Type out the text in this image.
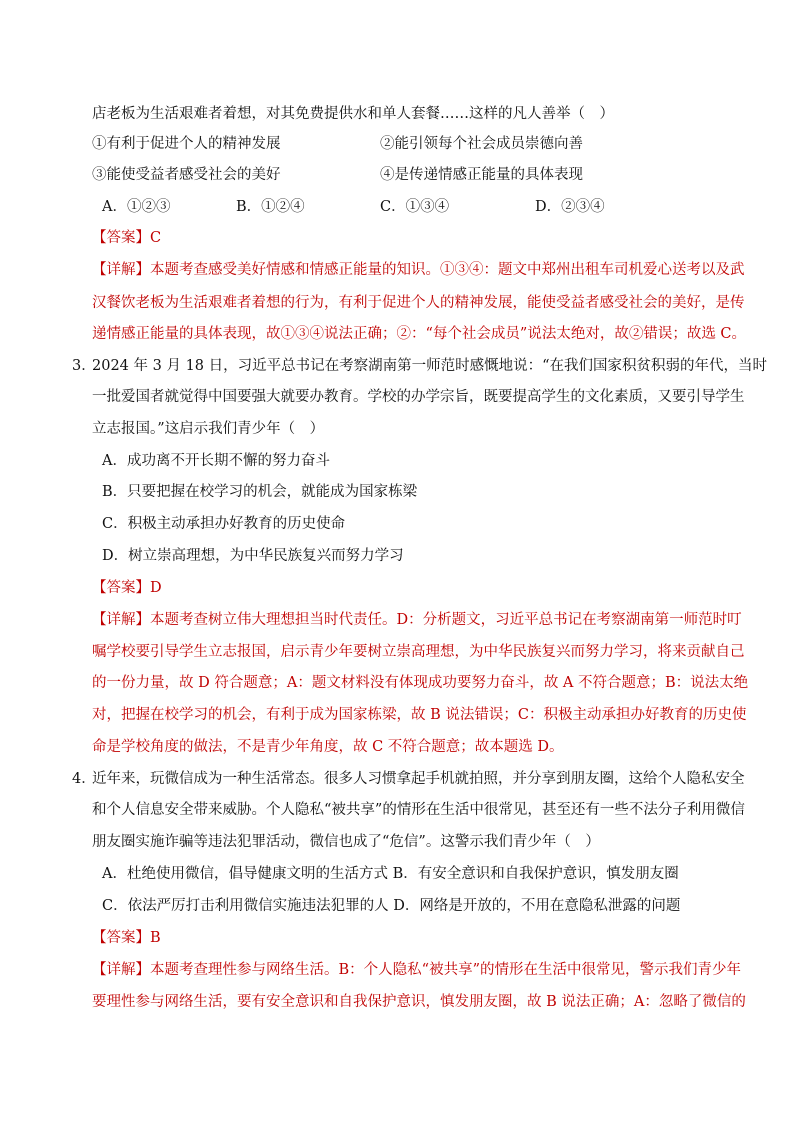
店老板为生活艰难者着想，对其免费提供水和单人套餐……这样的凡人善举（　）
①有利于促进个人的精神发展	②能引领每个社会成员崇德向善
③能使受益者感受社会的美好	④是传递情感正能量的具体表现
A．①②③	B．①②④	C．①③④	D．②③④
【答案】C
【详解】本题考查感受美好情感和情感正能量的知识。①③④：题文中郑州出租车司机爱心送考以及武
汉餐饮老板为生活艰难者着想的行为，有利于促进个人的精神发展，能使受益者感受社会的美好，是传
递情感正能量的具体表现，故①③④说法正确；②：“每个社会成员”说法太绝对，故②错误；故选 C。
3．
2024 年 3 月 18 日，习近平总书记在考察湖南第一师范时感慨地说：“在我们国家积贫积弱的年代，当时
一批爱国者就觉得中国要强大就要办教育。学校的办学宗旨，既要提高学生的文化素质，又要引导学生
立志报国。”这启示我们青少年（　）
A．成功离不开长期不懈的努力奋斗
B．只要把握在校学习的机会，就能成为国家栋梁
C．积极主动承担办好教育的历史使命
D．树立崇高理想，为中华民族复兴而努力学习
【答案】D
【详解】本题考查树立伟大理想担当时代责任。D：分析题文，习近平总书记在考察湖南第一师范时叮
嘱学校要引导学生立志报国，启示青少年要树立崇高理想，为中华民族复兴而努力学习，将来贡献自己
的一份力量，故 D 符合题意；A：题文材料没有体现成功要努力奋斗，故 A 不符合题意；B：说法太绝
对，把握在校学习的机会，有利于成为国家栋梁，故 B 说法错误；C：积极主动承担办好教育的历史使
命是学校角度的做法，不是青少年角度，故 C 不符合题意；故本题选 D。
4．
近年来，玩微信成为一种生活常态。很多人习惯拿起手机就拍照，并分享到朋友圈，这给个人隐私安全
和个人信息安全带来威胁。个人隐私“被共享”的情形在生活中很常见，甚至还有一些不法分子利用微信
朋友圈实施诈骗等违法犯罪活动，微信也成了“危信”。这警示我们青少年（　）
A．杜绝使用微信，倡导健康文明的生活方式 B．有安全意识和自我保护意识，慎发朋友圈
C．依法严厉打击利用微信实施违法犯罪的人 D．网络是开放的，不用在意隐私泄露的问题
【答案】B
【详解】本题考查理性参与网络生活。B：个人隐私“被共享”的情形在生活中很常见，警示我们青少年
要理性参与网络生活，要有安全意识和自我保护意识，慎发朋友圈，故 B 说法正确；A：忽略了微信的
